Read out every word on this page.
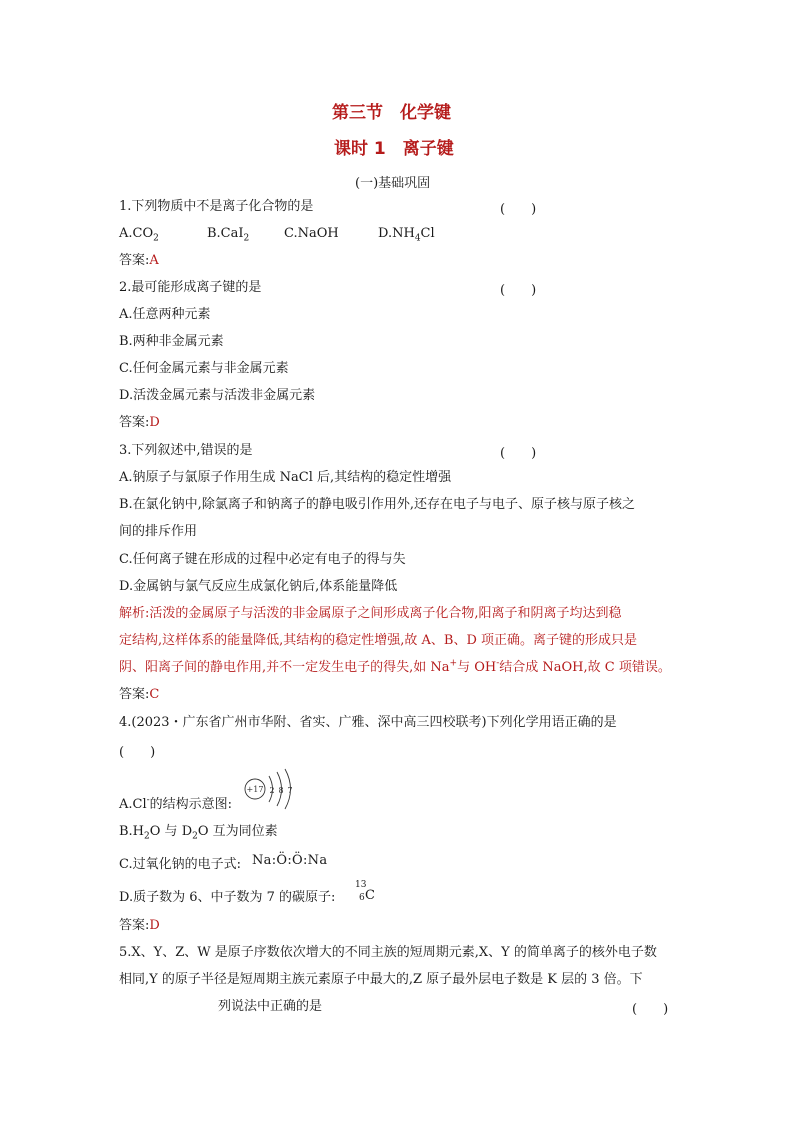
第三节　化学键
课时 1　离子键
(一)基础巩固
1.下列物质中不是离子化合物的是	(　　)
$A.CO_2$	B.CaI$_2$	C.NaOH	$D.NH_4Cl$
答案:A
2.最可能形成离子键的是	(　　)
A.任意两种元素
B.两种非金属元素
C.任何金属元素与非金属元素
D.活泼金属元素与活泼非金属元素
答案:D
3.下列叙述中,错误的是	(　　)
A.钠原子与氯原子作用生成 NaCl 后,其结构的稳定性增强
B.在氯化钠中,除氯离子和钠离子的静电吸引作用外,还存在电子与电子、原子核与原子核之
间的排斥作用
C.任何离子键在形成的过程中必定有电子的得与失
D.金属钠与氯气反应生成氯化钠后,体系能量降低
解析:活泼的金属原子与活泼的非金属原子之间形成离子化合物,阳离子和阴离子均达到稳
定结构,这样体系的能量降低,其结构的稳定性增强,故 A、B、D 项正确。离子键的形成只是
阴、阳离子间的静电作用,并不一定发生电子的得失,如 Na+与 OH-结合成 NaOH,故 C 项错误。
答案:C
4.(2023・广东省广州市华附、省实、广雅、深中高三四校联考)下列化学用语正确的是
(　　)
A.Cl-的结构示意图:
+17 2 8 7
$B.H_2O$ 与 $D_2O$ 互为同位素
C.过氧化钠的电子式: Na:Ö:Ö:Na
D.质子数为 6、中子数为 7 的碳原子:
13
6 C
答案:D
5.X、Y、Z、W 是原子序数依次增大的不同主族的短周期元素,X、Y 的简单离子的核外电子数
相同,Y 的原子半径是短周期主族元素原子中最大的,Z 原子最外层电子数是 K 层的 3 倍。下
列说法中正确的是	(　　)
